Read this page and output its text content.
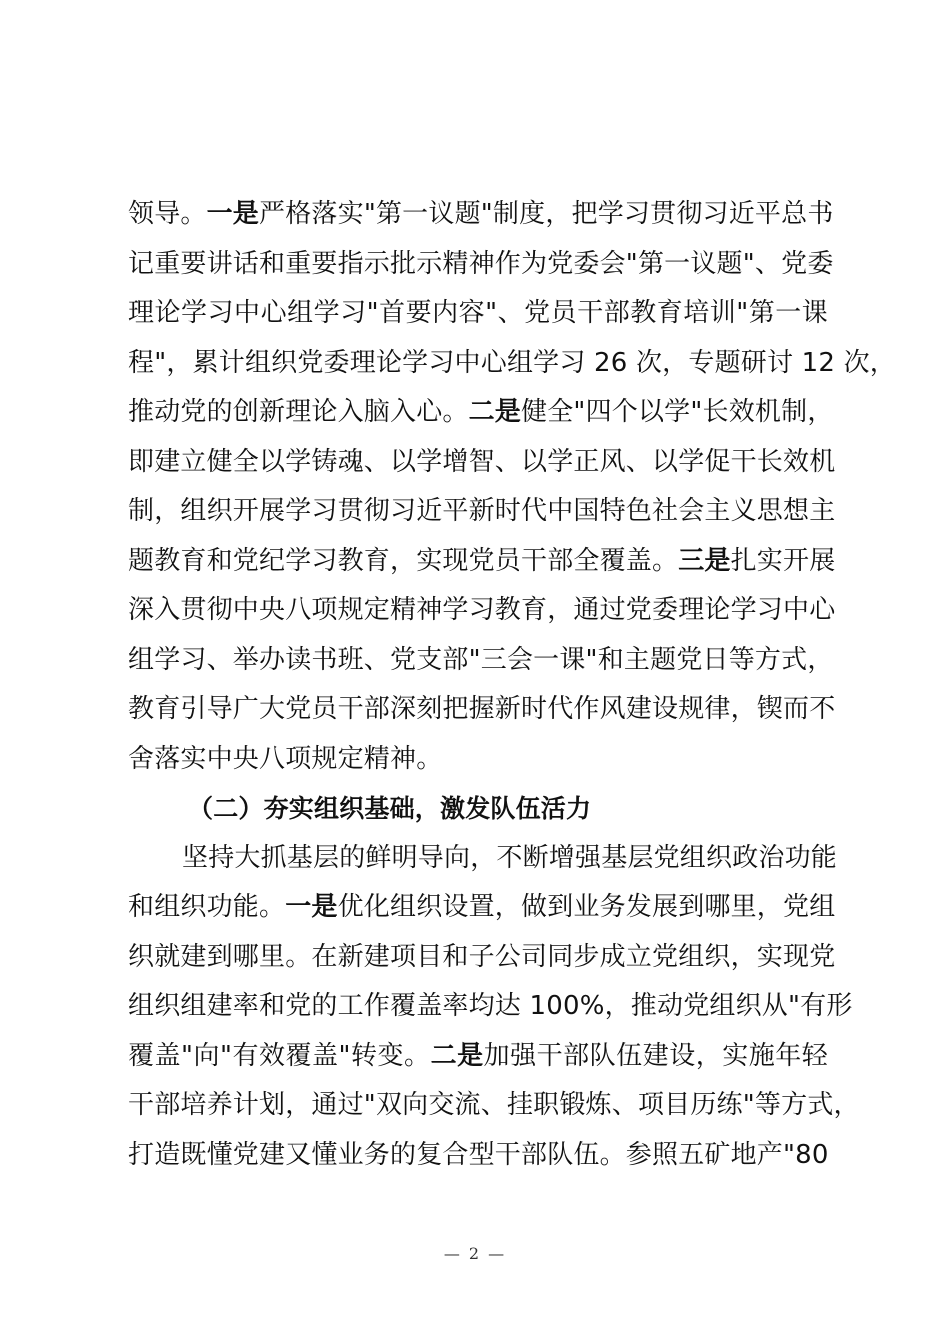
领导。一是严格落实"第一议题"制度，把学习贯彻习近平总书
记重要讲话和重要指示批示精神作为党委会"第一议题"、党委
理论学习中心组学习"首要内容"、党员干部教育培训"第一课
程"，累计组织党委理论学习中心组学习 26 次，专题研讨 12 次，
推动党的创新理论入脑入心。二是健全"四个以学"长效机制，
即建立健全以学铸魂、以学增智、以学正风、以学促干长效机
制，组织开展学习贯彻习近平新时代中国特色社会主义思想主
题教育和党纪学习教育，实现党员干部全覆盖。三是扎实开展
深入贯彻中央八项规定精神学习教育，通过党委理论学习中心
组学习、举办读书班、党支部"三会一课"和主题党日等方式，
教育引导广大党员干部深刻把握新时代作风建设规律，锲而不
舍落实中央八项规定精神。
（二）夯实组织基础，激发队伍活力
坚持大抓基层的鲜明导向，不断增强基层党组织政治功能
和组织功能。一是优化组织设置，做到业务发展到哪里，党组
织就建到哪里。在新建项目和子公司同步成立党组织，实现党
组织组建率和党的工作覆盖率均达 100%，推动党组织从"有形
覆盖"向"有效覆盖"转变。二是加强干部队伍建设，实施年轻
干部培养计划，通过"双向交流、挂职锻炼、项目历练"等方式，
打造既懂党建又懂业务的复合型干部队伍。参照五矿地产"80
— 2 —
